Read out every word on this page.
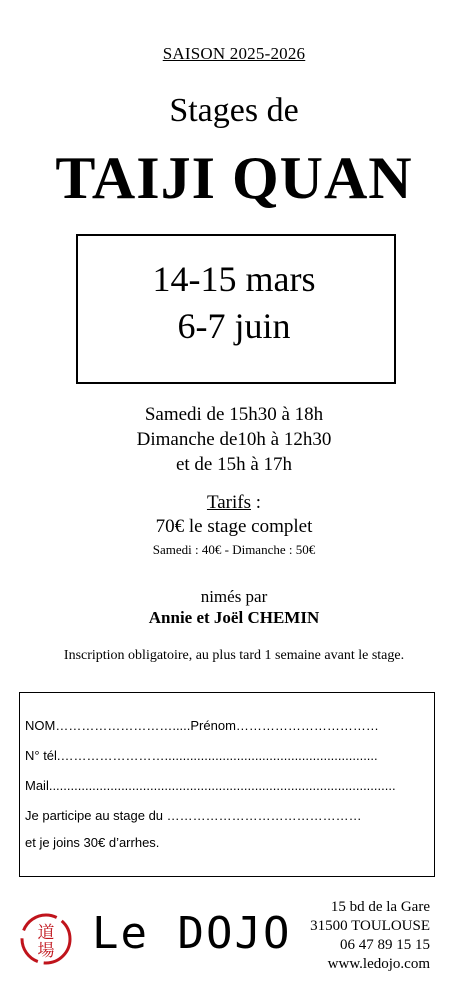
SAISON 2025-2026
Stages de
TAIJI QUAN
14-15 mars
6-7 juin
Samedi de 15h30 à 18h
Dimanche de10h à 12h30
et de 15h à 17h
Tarifs :
70€ le stage complet
Samedi : 40€ - Dimanche : 50€
nimés par
Annie et Joël CHEMIN
Inscription obligatoire, au plus tard 1 semaine avant le stage.
NOM……………………….....Prénom……………………………
N° tél.……………………...........................................................
Mail................................................................................................
Je participe au stage du ………………………………………
et je joins 30€ d’arrhes.
道
場 Le DOJO
15 bd de la Gare
31500 TOULOUSE
06 47 89 15 15
www.ledojo.com
